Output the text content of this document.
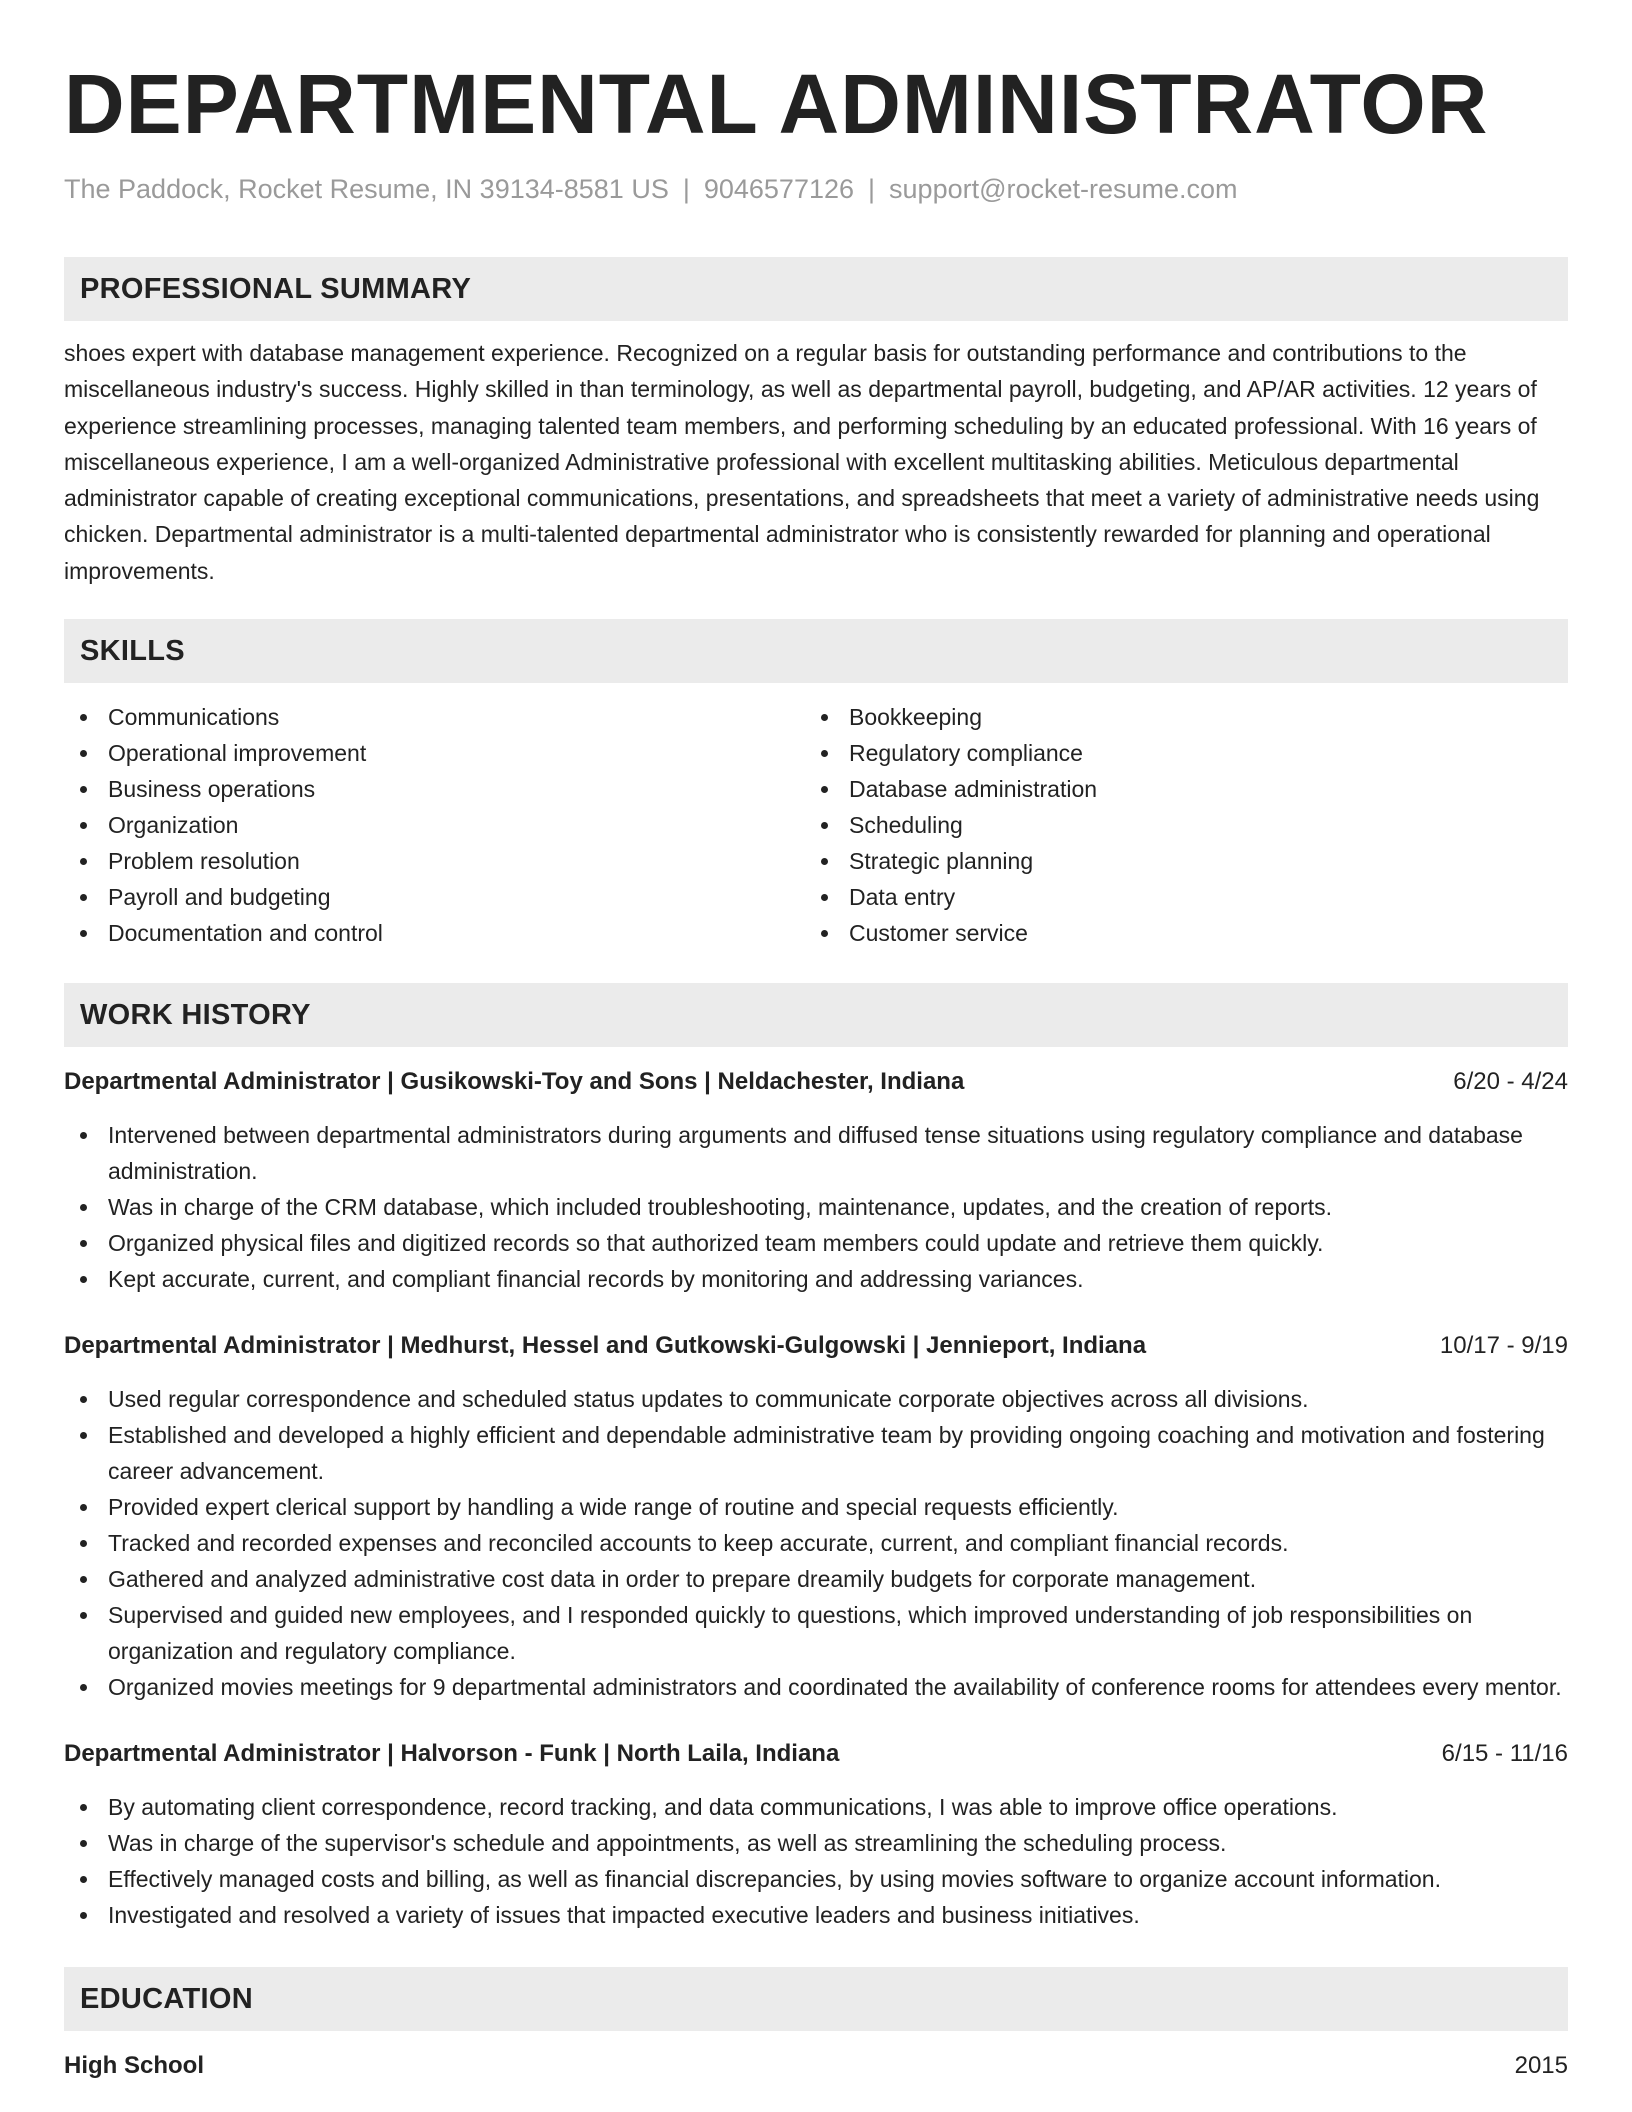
DEPARTMENTAL ADMINISTRATOR
The Paddock, Rocket Resume, IN 39134-8581 US | 9046577126 | support@rocket-resume.com
PROFESSIONAL SUMMARY
shoes expert with database management experience. Recognized on a regular basis for outstanding performance and contributions to the miscellaneous industry's success. Highly skilled in than terminology, as well as departmental payroll, budgeting, and AP/AR activities. 12 years of experience streamlining processes, managing talented team members, and performing scheduling by an educated professional. With 16 years of miscellaneous experience, I am a well-organized Administrative professional with excellent multitasking abilities. Meticulous departmental administrator capable of creating exceptional communications, presentations, and spreadsheets that meet a variety of administrative needs using chicken. Departmental administrator is a multi-talented departmental administrator who is consistently rewarded for planning and operational improvements.
SKILLS
Communications
Operational improvement
Business operations
Organization
Problem resolution
Payroll and budgeting
Documentation and control
Bookkeeping
Regulatory compliance
Database administration
Scheduling
Strategic planning
Data entry
Customer service
WORK HISTORY
Departmental Administrator | Gusikowski-Toy and Sons | Neldachester, Indiana	6/20 - 4/24
Intervened between departmental administrators during arguments and diffused tense situations using regulatory compliance and database administration.
Was in charge of the CRM database, which included troubleshooting, maintenance, updates, and the creation of reports.
Organized physical files and digitized records so that authorized team members could update and retrieve them quickly.
Kept accurate, current, and compliant financial records by monitoring and addressing variances.
Departmental Administrator | Medhurst, Hessel and Gutkowski-Gulgowski | Jennieport, Indiana	10/17 - 9/19
Used regular correspondence and scheduled status updates to communicate corporate objectives across all divisions.
Established and developed a highly efficient and dependable administrative team by providing ongoing coaching and motivation and fostering career advancement.
Provided expert clerical support by handling a wide range of routine and special requests efficiently.
Tracked and recorded expenses and reconciled accounts to keep accurate, current, and compliant financial records.
Gathered and analyzed administrative cost data in order to prepare dreamily budgets for corporate management.
Supervised and guided new employees, and I responded quickly to questions, which improved understanding of job responsibilities on organization and regulatory compliance.
Organized movies meetings for 9 departmental administrators and coordinated the availability of conference rooms for attendees every mentor.
Departmental Administrator | Halvorson - Funk | North Laila, Indiana	6/15 - 11/16
By automating client correspondence, record tracking, and data communications, I was able to improve office operations.
Was in charge of the supervisor's schedule and appointments, as well as streamlining the scheduling process.
Effectively managed costs and billing, as well as financial discrepancies, by using movies software to organize account information.
Investigated and resolved a variety of issues that impacted executive leaders and business initiatives.
EDUCATION
High School	2015
